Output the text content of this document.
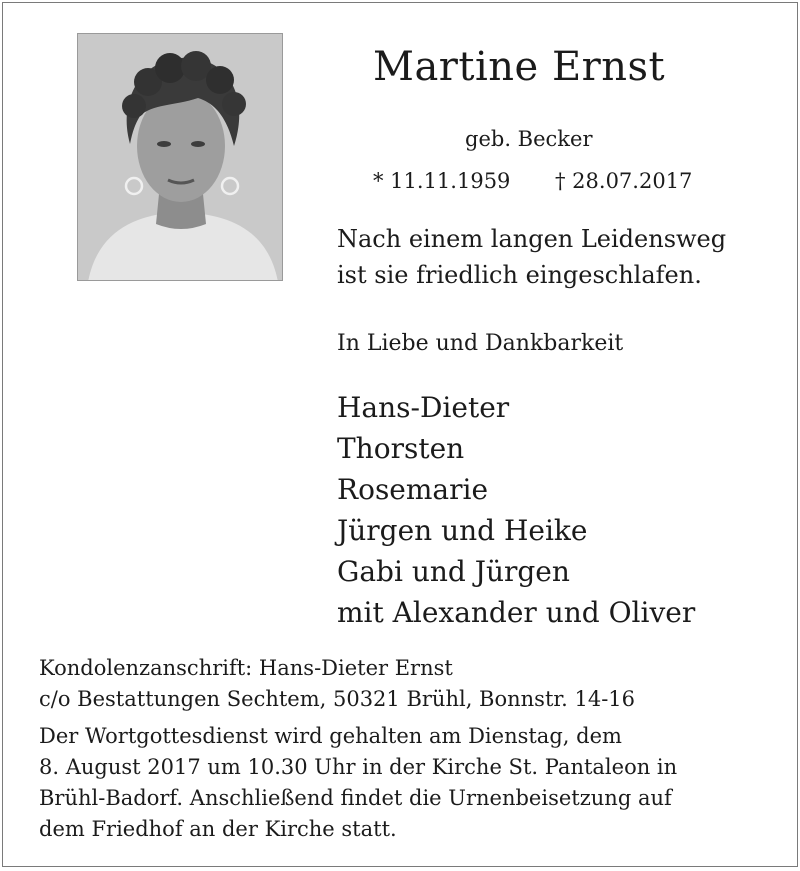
Martine Ernst
geb. Becker
* 11.11.1959 † 28.07.2017
Nach einem langen Leidensweg
ist sie friedlich eingeschlafen.
In Liebe und Dankbarkeit
Hans-Dieter
Thorsten
Rosemarie
Jürgen und Heike
Gabi und Jürgen
mit Alexander und Oliver
Kondolenzanschrift: Hans-Dieter Ernst
c/o Bestattungen Sechtem, 50321 Brühl, Bonnstr. 14-16
Der Wortgottesdienst wird gehalten am Dienstag, dem
8. August 2017 um 10.30 Uhr in der Kirche St. Pantaleon in
Brühl-Badorf. Anschließend findet die Urnenbeisetzung auf
dem Friedhof an der Kirche statt.
